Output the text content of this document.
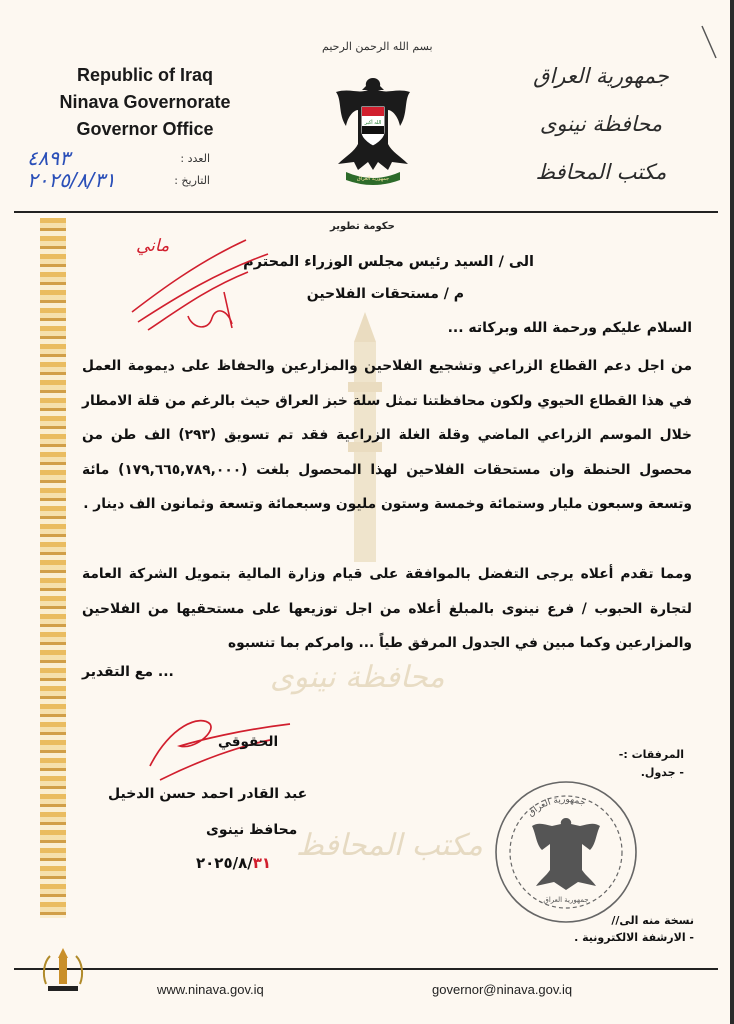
محافظة نينوى
مكتب المحافظ
Republic of Iraq
Ninava Governorate
Governor Office
بسم الله الرحمن الرحيم
الله أكبر
جمهورية العراق
جمهورية العراق
محافظة نينوى
مكتب المحافظ
العدد :
٤٨٩٣
التاريخ :
٢٠٢٥/٨/٣١
حكومة تطوير
الى / السيد رئيس مجلس الوزراء المحترم
م / مستحقات الفلاحين
ماني
السلام عليكم ورحمة الله وبركاته ...
من اجل دعم القطاع الزراعي وتشجيع الفلاحين والمزارعين والحفاظ على ديمومة العمل في هذا القطاع الحيوي ولكون محافظتنا تمثل سلة خبز العراق حيث بالرغم من قلة الامطار خلال الموسم الزراعي الماضي وقلة الغلة الزراعية فقد تم تسويق (٢٩٣) الف طن من محصول الحنطة وان مستحقات الفلاحين لهذا المحصول بلغت (١٧٩,٦٦٥,٧٨٩,٠٠٠) مائة وتسعة وسبعون مليار وستمائة وخمسة وستون مليون وسبعمائة وتسعة وثمانون الف دينار .
ومما تقدم أعلاه يرجى التفضل بالموافقة على قيام وزارة المالية بتمويل الشركة العامة لتجارة الحبوب / فرع نينوى بالمبلغ أعلاه من اجل توزيعها على مستحقيها من الفلاحين والمزارعين وكما مبين في الجدول المرفق طياً ... وامركم بما تنسبوه
... مع التقدير
الحقوقي
عبد القادر احمد حسن الدخيل
محافظ نينوى
٢٠٢٥/٨/٣١
المرفقات :-
- جدول.
جمهورية العراق
جمهورية العراق
نسخة منه الى//
- الارشفة الالكترونية .
www.ninava.gov.iq	governor@ninava.gov.iq
